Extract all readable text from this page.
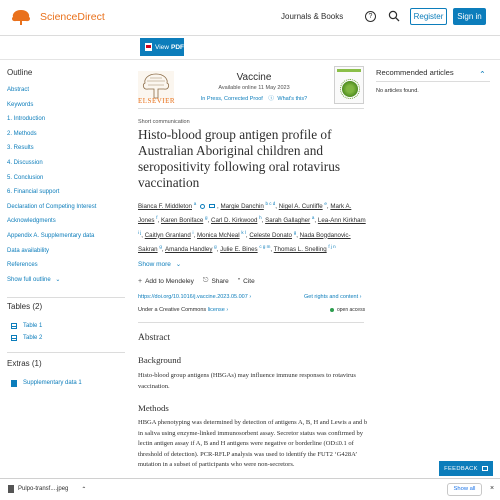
ScienceDirect	Journals & Books	?	Register	Sign in
View PDF
Outline
Abstract
Keywords
1. Introduction
2. Methods
3. Results
4. Discussion
5. Conclusion
6. Financial support
Declaration of Competing Interest
Acknowledgments
Appendix A. Supplementary data
Data availability
References
Show full outline ⌄
Tables (2)
Table 1
Table 2
Extras (1)
Supplementary data 1
ELSEVIER
Vaccine
Available online 11 May 2023
In Press, Corrected Proof ⓘ What's this?
Short communication
Histo-blood group antigen profile of Australian Aboriginal children and seropositivity following oral rotavirus vaccination
Bianca F. Middleton $^a$	, Margie Danchin $^{b c d}$, Nigel A. Cunliffe $^e$, Mark A. Jones $^f$, Karen Boniface $^g$, Carl D. Kirkwood $^h$, Sarah Gallagher $^a$, Lea-Ann Kirkham $^{i j}$, Caitlyn Granland $^i$, Monica McNeal $^{k l}$, Celeste Donato $^g$, Nada Bogdanovic-Sakran $^g$, Amanda Handley $^g$, Julie E. Bines $^{c g m}$, Thomas L. Snelling $^{f j n}$
Show more ⌄
+ Add to Mendeley ⎋ Share ” Cite
https://doi.org/10.1016/j.vaccine.2023.05.007 ›	Get rights and content ›
Under a Creative Commons license ›	open access
Abstract
Background
Histo-blood group antigens (HBGAs) may influence immune responses to rotavirus vaccination.
Methods
HBGA phenotyping was determined by detection of antigens A, B, H and Lewis a and b in saliva using enzyme-linked immunosorbent assay. Secretor status was confirmed by lectin antigen assay if A, B and H antigens were negative or borderline (OD≤0.1 of threshold of detection). PCR-RFLP analysis was used to identify the FUT2 ‘G428A’ mutation in a subset of participants who were non-secretors.
Recommended articles	⌄
No articles found.
FEEDBACK
Pulpo-transf....jpeg ⌃	Show all	×
